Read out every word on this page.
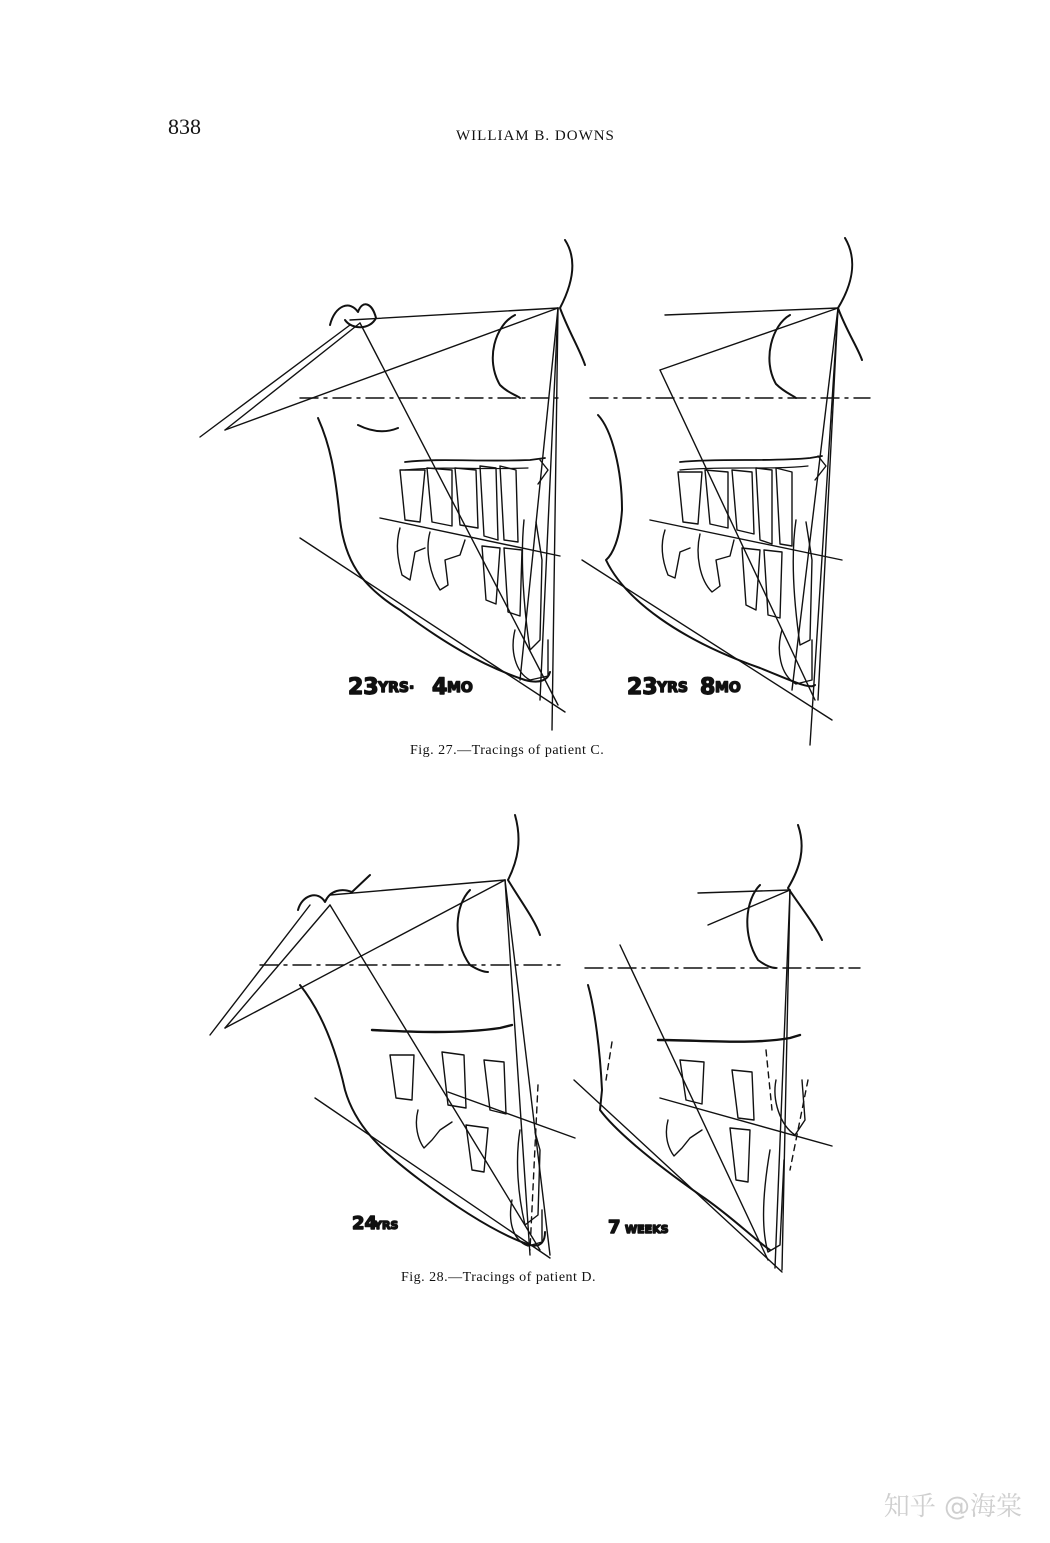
838	WILLIAM B. DOWNS
23 YRS· 4 MO	23 YRS 8 MO
24
YRS	7 WEEKS
Fig. 27.—Tracings of patient C.
Fig. 28.—Tracings of patient D.
知乎 @海棠
